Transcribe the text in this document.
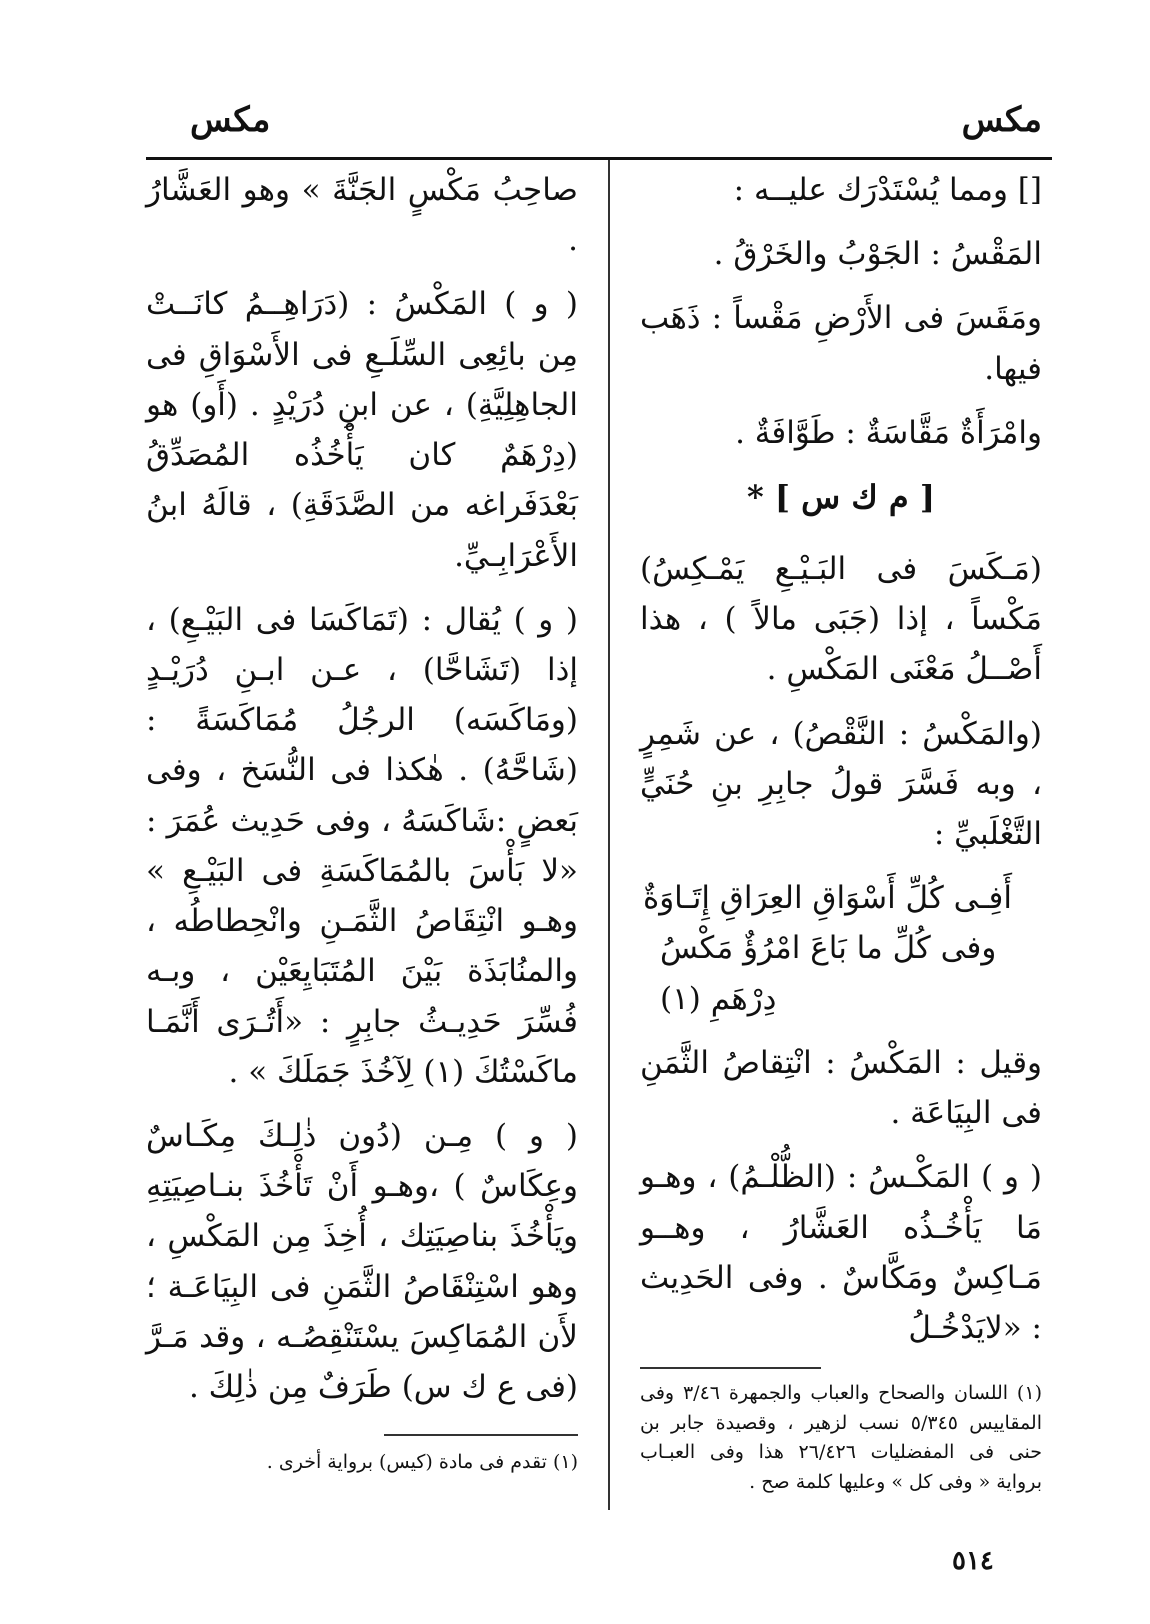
مكس
مكس

[] ومما يُسْتَدْرَك عليــه :

المَقْسُ : الجَوْبُ والخَرْقُ .

ومَقَسَ فى الأَرْضِ مَقْساً : ذَهَب فيها.

وامْرَأَةٌ مَقَّاسَةٌ : طَوَّافَةٌ .

[ م ك س ] *

(مَـكَسَ فى البَـيْـعِ يَمْـكِسُ) مَكْساً ، إذا (جَبَى مالاً ) ، هذا أَصْــلُ مَعْنَى المَكْسِ .

(والمَكْسُ : النَّقْصُ) ، عن شَمِرٍ ، وبه فَسَّرَ قولُ جابِرِ بنِ حُنَيٍّ التَّغْلَبيِّ :

أَفِـى كُلِّ أَسْوَاقِ العِرَاقِ إِتَـاوَةٌ
وفى كُلِّ ما بَاعَ امْرُؤٌ مَكْسُ دِرْهَمِ (١)

وقيل : المَكْسُ : انْتِقاصُ الثَّمَنِ فى البِيَاعَة .

( و ) المَكْـسُ : (الظُّلْـمُ) ، وهـو مَا يَأْخُـذُه العَشَّارُ ، وهــو مَـاكِسٌ ومَكَّاسٌ . وفى الحَدِيث : «لايَدْخُـلُ

(١) اللسان والصحاح والعباب والجمهرة ٣/٤٦ وفى المقاييس ٥/٣٤٥ نسب لزهير ، وقصيدة جابر بن حنى فى المفضليات ٢٦/٤٢٦ هذا وفى العبـاب برواية « وفى كل » وعليها كلمة صح .

صاحِبُ مَكْسٍ الجَنَّةَ » وهو العَشَّارُ .

( و ) المَكْسُ : (دَرَاهِــمُ كانَــتْ مِن بائِعِى السِّلَـعِ فى الأَسْوَاقِ فى الجاهِلِيَّةِ) ، عن ابنِ دُرَيْدٍ . (أَو) هو (دِرْهَمٌ كان يَأْخُذُه المُصَدِّقُ بَعْدَفَراغه من الصَّدَقَةِ) ، قالَهُ ابنُ الأَعْرَابِـيِّ.

( و ) يُقال : (تَمَاكَسَا فى البَيْـعِ) ، إذا (تَشَاحَّا) ، عـن ابـنِ دُرَيْـدٍ (ومَاكَسَه) الرجُلُ مُمَاكَسَةً :(شَاحَّهُ) . هٰكذا فى النُّسَخ ، وفى بَعضٍ :شَاكَسَهُ ، وفى حَدِيث عُمَرَ : «لا بَأْسَ بالمُمَاكَسَةِ فى البَيْـعِ » وهـو انْتِقَاصُ الثَّمَـنِ وانْحِطاطُه ، والمنُابَذَة بَيْنَ المُتَبَايِعَيْن ، وبـه فُسِّرَ حَدِيـثُ جابِرٍ : «أَتُـرَى أَنَّمَـا ماكَسْتُكَ (١) لِآخُذَ جَمَلَكَ » .

( و ) مِـن (دُون ذٰلِـكَ مِكَـاسٌ وعِكَاسٌ ) ،وهـو أَنْ تَأْخُذَ بنـاصِيَتِهِ ويَأْخُذَ بناصِيَتِك ، أُخِذَ مِن المَكْسِ ، وهو اسْتِنْقَاصُ الثَّمَنِ فى البِيَاعَـة ؛ لأَن المُمَاكِسَ يسْتَنْقِصُـه ، وقد مَـرَّ (فى ع ك س) طَرَفٌ مِن ذٰلِكَ .

(١) تقدم فى مادة (كيس) برواية أخرى .
٥١٤
